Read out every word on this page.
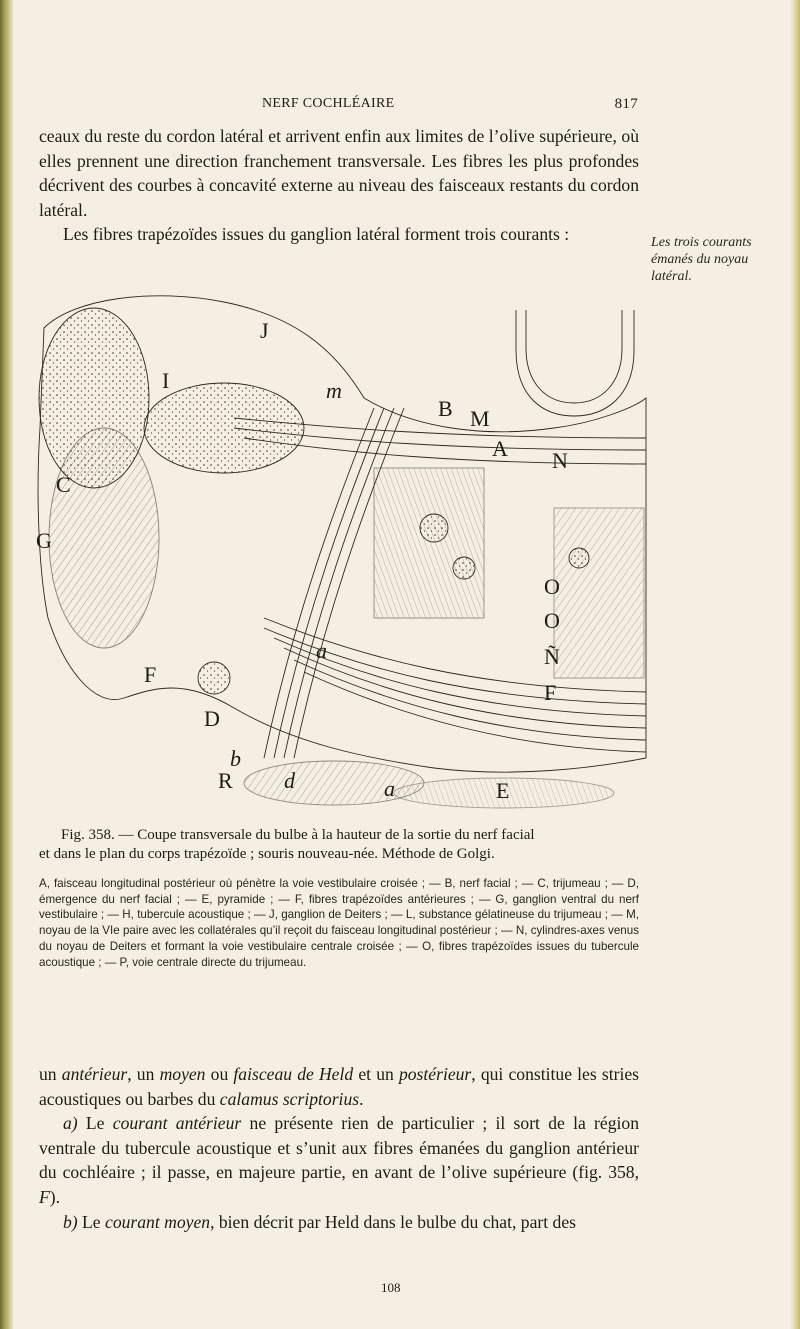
NERF COCHLÉAIRE	817

ceaux du reste du cordon latéral et arrivent enfin aux limites de l’olive supérieure, où elles prennent une direction franchement transversale. Les fibres les plus profondes décrivent des courbes à concavité externe au niveau des faisceaux restants du cordon latéral.

Les fibres trapézoïdes issues du ganglion latéral forment trois courants :	Les trois courants émanés du noyau latéral.
J
I	m
B M
A N
C
G
O
O
Ñ
a
F
F
D
b
R d	a	E
Fig. 358. — Coupe transversale du bulbe à la hauteur de la sortie du nerf facial
et dans le plan du corps trapézoïde ; souris nouveau-née. Méthode de Golgi.
A, faisceau longitudinal postérieur où pénètre la voie vestibulaire croisée ; — B, nerf facial ; — C, trijumeau ; — D, émergence du nerf facial ; — E, pyramide ; — F, fibres trapézoïdes antérieures ; — G, ganglion ventral du nerf vestibulaire ; — H, tubercule acoustique ; — J, ganglion de Deiters ; — L, substance gélatineuse du trijumeau ; — M, noyau de la VIe paire avec les collatérales qu’il reçoit du faisceau longitudinal postérieur ; — N, cylindres-axes venus du noyau de Deiters et formant la voie vestibulaire centrale croisée ; — O, fibres trapézoïdes issues du tubercule acoustique ; — P, voie centrale directe du trijumeau.

un antérieur, un moyen ou faisceau de Held et un postérieur, qui constitue les stries acoustiques ou barbes du calamus scriptorius.

a) Le courant antérieur ne présente rien de particulier ; il sort de la région ventrale du tubercule acoustique et s’unit aux fibres émanées du ganglion antérieur du cochléaire ; il passe, en majeure partie, en avant de l’olive supérieure (fig. 358, F).

b) Le courant moyen, bien décrit par Held dans le bulbe du chat, part des

108
